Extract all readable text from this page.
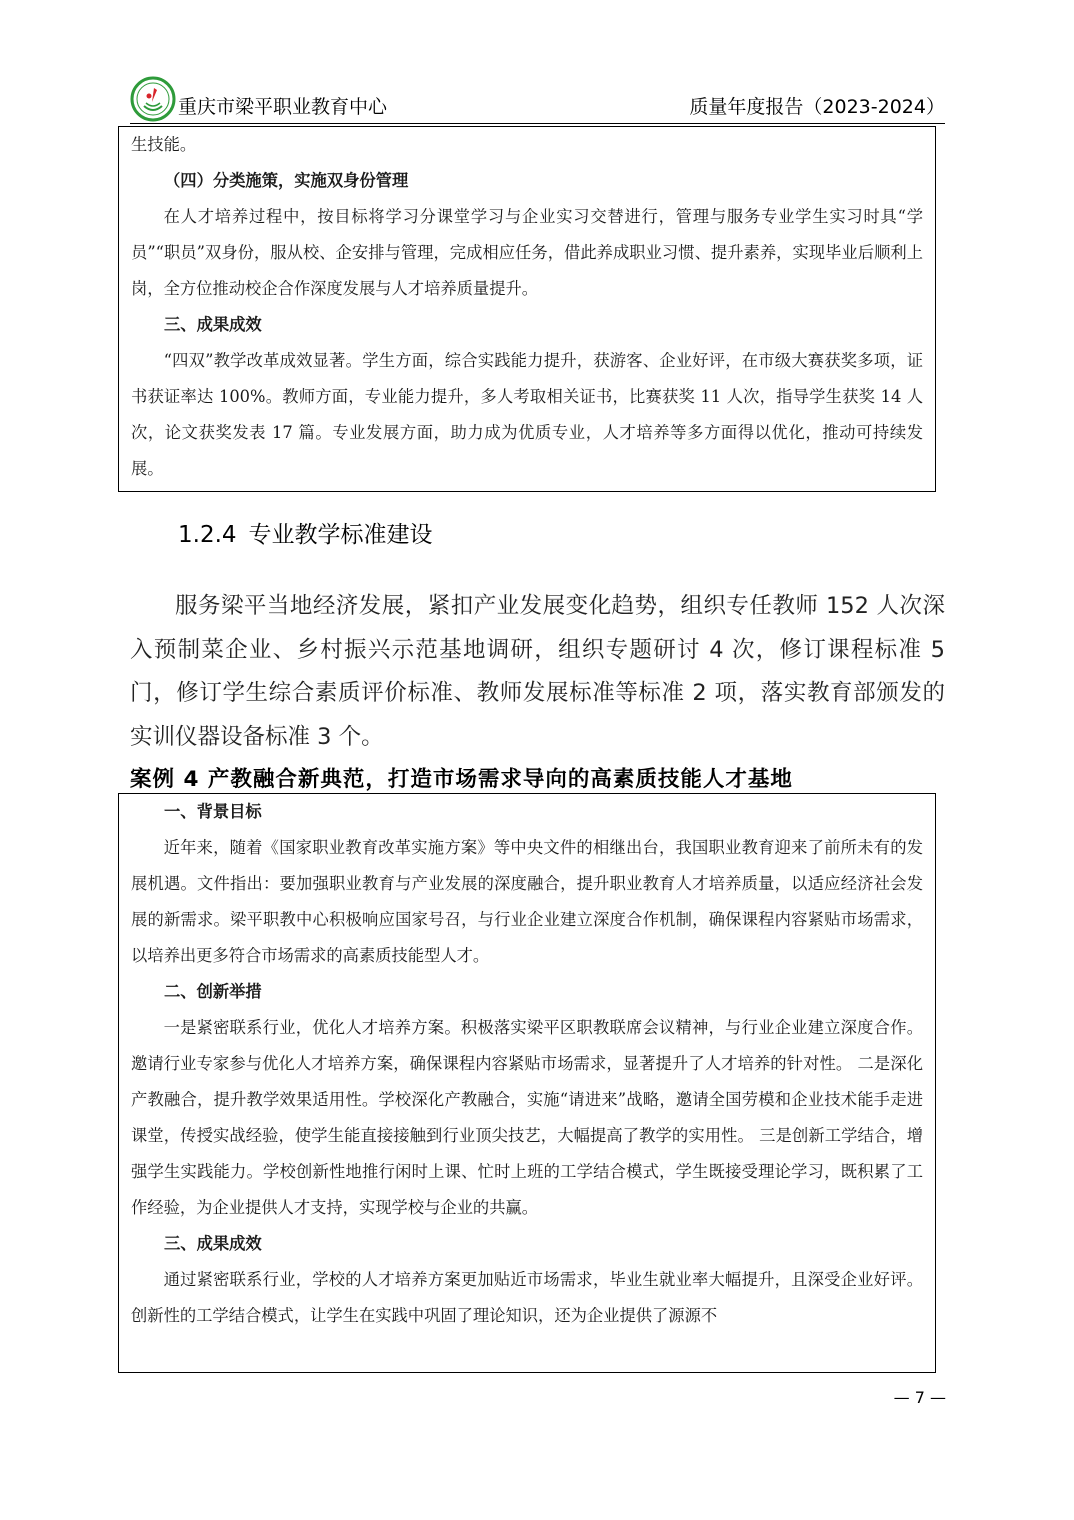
重庆市梁平职业教育中心	质量年度报告（2023-2024）

生技能。

（四）分类施策，实施双身份管理

在人才培养过程中，按目标将学习分课堂学习与企业实习交替进行，管理与服务专业学生实习时具“学员”“职员”双身份，服从校、企安排与管理，完成相应任务，借此养成职业习惯、提升素养，实现毕业后顺利上岗，全方位推动校企合作深度发展与人才培养质量提升。

三、成果成效

“四双”教学改革成效显著。学生方面，综合实践能力提升，获游客、企业好评，在市级大赛获奖多项，证书获证率达 100%。教师方面，专业能力提升，多人考取相关证书，比赛获奖 11 人次，指导学生获奖 14 人次，论文获奖发表 17 篇。专业发展方面，助力成为优质专业，人才培养等多方面得以优化，推动可持续发展。

1.2.4 专业教学标准建设

服务梁平当地经济发展，紧扣产业发展变化趋势，组织专任教师 152 人次深入预制菜企业、乡村振兴示范基地调研，组织专题研讨 4 次，修订课程标准 5 门，修订学生综合素质评价标准、教师发展标准等标准 2 项，落实教育部颁发的实训仪器设备标准 3 个。

案例 4 产教融合新典范，打造市场需求导向的高素质技能人才基地
一、背景目标

近年来，随着《国家职业教育改革实施方案》等中央文件的相继出台，我国职业教育迎来了前所未有的发展机遇。文件指出：要加强职业教育与产业发展的深度融合，提升职业教育人才培养质量，以适应经济社会发展的新需求。梁平职教中心积极响应国家号召，与行业企业建立深度合作机制，确保课程内容紧贴市场需求，以培养出更多符合市场需求的高素质技能型人才。

二、创新举措

一是紧密联系行业，优化人才培养方案。积极落实梁平区职教联席会议精神，与行业企业建立深度合作。邀请行业专家参与优化人才培养方案，确保课程内容紧贴市场需求，显著提升了人才培养的针对性。 二是深化产教融合，提升教学效果适用性。学校深化产教融合，实施“请进来”战略，邀请全国劳模和企业技术能手走进课堂，传授实战经验，使学生能直接接触到行业顶尖技艺，大幅提高了教学的实用性。 三是创新工学结合，增强学生实践能力。学校创新性地推行闲时上课、忙时上班的工学结合模式，学生既接受理论学习，既积累了工作经验，为企业提供人才支持，实现学校与企业的共赢。

三、成果成效

通过紧密联系行业，学校的人才培养方案更加贴近市场需求，毕业生就业率大幅提升，且深受企业好评。创新性的工学结合模式，让学生在实践中巩固了理论知识，还为企业提供了源源不

— 7 —
